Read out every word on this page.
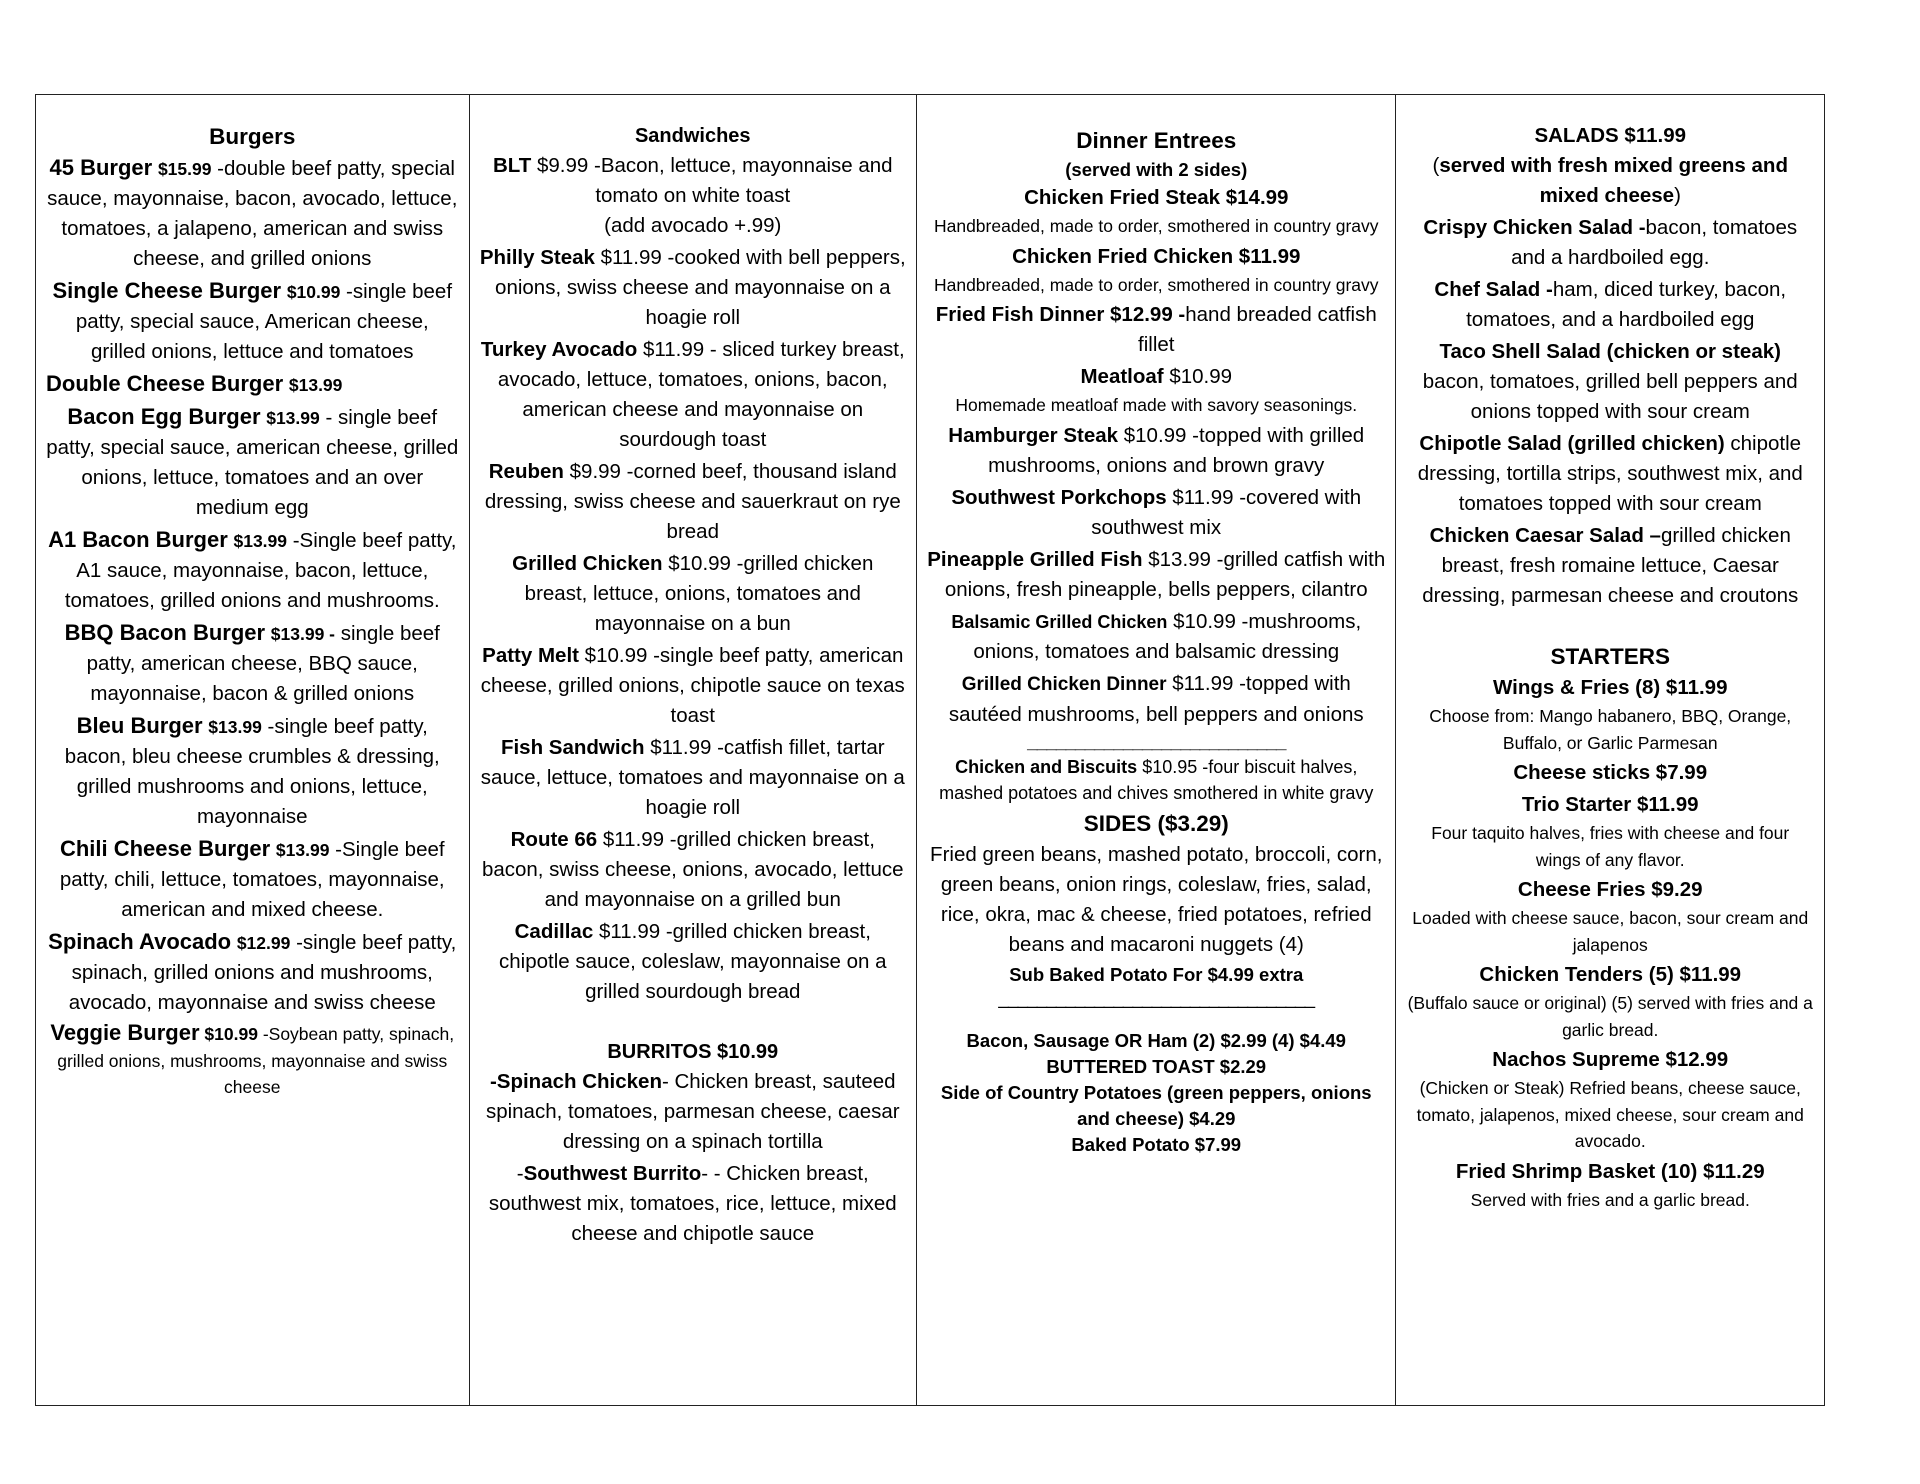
Burgers

45 Burger $15.99 -double beef patty, special sauce, mayonnaise, bacon, avocado, lettuce, tomatoes, a jalapeno, american and swiss cheese, and grilled onions

Single Cheese Burger $10.99 -single beef patty, special sauce, American cheese, grilled onions, lettuce and tomatoes

Double Cheese Burger $13.99

Bacon Egg Burger $13.99 - single beef patty, special sauce, american cheese, grilled onions, lettuce, tomatoes and an over medium egg

A1 Bacon Burger $13.99 -Single beef patty, A1 sauce, mayonnaise, bacon, lettuce, tomatoes, grilled onions and mushrooms.

BBQ Bacon Burger $13.99 - single beef patty, american cheese, BBQ sauce, mayonnaise, bacon & grilled onions

Bleu Burger $13.99 -single beef patty, bacon, bleu cheese crumbles & dressing, grilled mushrooms and onions, lettuce, mayonnaise

Chili Cheese Burger $13.99 -Single beef patty, chili, lettuce, tomatoes, mayonnaise, american and mixed cheese.

Spinach Avocado $12.99 -single beef patty, spinach, grilled onions and mushrooms, avocado, mayonnaise and swiss cheese

Veggie Burger $10.99 -Soybean patty, spinach, grilled onions, mushrooms, mayonnaise and swiss cheese

Sandwiches

BLT $9.99 -Bacon, lettuce, mayonnaise and tomato on white toast
(add avocado +.99)

Philly Steak $11.99 -cooked with bell peppers, onions, swiss cheese and mayonnaise on a hoagie roll

Turkey Avocado $11.99 - sliced turkey breast, avocado, lettuce, tomatoes, onions, bacon, american cheese and mayonnaise on sourdough toast

Reuben $9.99 -corned beef, thousand island dressing, swiss cheese and sauerkraut on rye bread

Grilled Chicken $10.99 -grilled chicken breast, lettuce, onions, tomatoes and mayonnaise on a bun

Patty Melt $10.99 -single beef patty, american cheese, grilled onions, chipotle sauce on texas toast

Fish Sandwich $11.99 -catfish fillet, tartar sauce, lettuce, tomatoes and mayonnaise on a hoagie roll

Route 66 $11.99 -grilled chicken breast, bacon, swiss cheese, onions, avocado, lettuce and mayonnaise on a grilled bun

Cadillac $11.99 -grilled chicken breast, chipotle sauce, coleslaw, mayonnaise on a grilled sourdough bread

BURRITOS $10.99

-Spinach Chicken- Chicken breast, sauteed spinach, tomatoes, parmesan cheese, caesar dressing on a spinach tortilla

-Southwest Burrito- - Chicken breast, southwest mix, tomatoes, rice, lettuce, mixed cheese and chipotle sauce

Dinner Entrees
(served with 2 sides)
Chicken Fried Steak $14.99
Handbreaded, made to order, smothered in country gravy
Chicken Fried Chicken $11.99
Handbreaded, made to order, smothered in country gravy

Fried Fish Dinner $12.99 -hand breaded catfish fillet

Meatloaf $10.99
Homemade meatloaf made with savory seasonings.

Hamburger Steak $10.99 -topped with grilled mushrooms, onions and brown gravy

Southwest Porkchops $11.99 -covered with southwest mix

Pineapple Grilled Fish $13.99 -grilled catfish with onions, fresh pineapple, bells peppers, cilantro

Balsamic Grilled Chicken $10.99 -mushrooms, onions, tomatoes and balsamic dressing

Grilled Chicken Dinner $11.99 -topped with sautéed mushrooms, bell peppers and onions

___________________________

Chicken and Biscuits $10.95 -four biscuit halves, mashed potatoes and chives smothered in white gravy

SIDES ($3.29)

Fried green beans, mashed potato, broccoli, corn, green beans, onion rings, coleslaw, fries, salad, rice, okra, mac & cheese, fried potatoes, refried beans and macaroni nuggets (4)

Sub Baked Potato For $4.99 extra
_________________________________
Bacon, Sausage OR Ham (2) $2.99 (4) $4.49
BUTTERED TOAST $2.29
Side of Country Potatoes (green peppers, onions and cheese) $4.29
Baked Potato $7.99
SALADS $11.99

(served with fresh mixed greens and mixed cheese)

Crispy Chicken Salad -bacon, tomatoes and a hardboiled egg.

Chef Salad -ham, diced turkey, bacon, tomatoes, and a hardboiled egg

Taco Shell Salad (chicken or steak)
bacon, tomatoes, grilled bell peppers and onions topped with sour cream

Chipotle Salad (grilled chicken) chipotle dressing, tortilla strips, southwest mix, and tomatoes topped with sour cream

Chicken Caesar Salad –grilled chicken breast, fresh romaine lettuce, Caesar dressing, parmesan cheese and croutons

STARTERS
Wings & Fries (8) $11.99
Choose from: Mango habanero, BBQ, Orange, Buffalo, or Garlic Parmesan
Cheese sticks $7.99
Trio Starter $11.99
Four taquito halves, fries with cheese and four wings of any flavor.
Cheese Fries $9.29
Loaded with cheese sauce, bacon, sour cream and jalapenos
Chicken Tenders (5) $11.99
(Buffalo sauce or original) (5) served with fries and a garlic bread.
Nachos Supreme $12.99
(Chicken or Steak) Refried beans, cheese sauce, tomato, jalapenos, mixed cheese, sour cream and avocado.
Fried Shrimp Basket (10) $11.29
Served with fries and a garlic bread.
